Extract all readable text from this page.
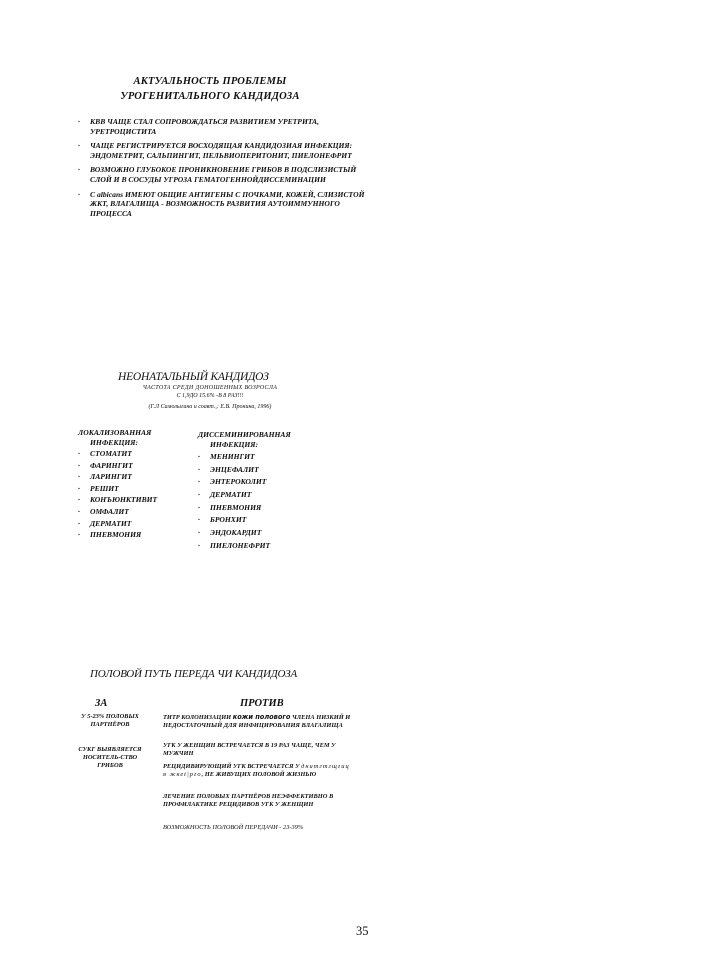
АКТУАЛЬНОСТЬ ПРОБЛЕМЫ
УРОГЕНИТАЛЬНОГО КАНДИДОЗА
· КВВ ЧАЩЕ СТАЛ СОПРОВОЖДАТЬСЯ РАЗВИТИЕМ УРЕТРИТА, УРЕТРОЦИСТИТА
· ЧАЩЕ РЕГИСТРИРУЕТСЯ ВОСХОДЯЩАЯ КАНДИДОЗИАЯ ИНФЕКЦИЯ: ЭНДОМЕТРИТ, САЛЬПИНГИТ, ПЕЛЬВИОПЕРИТОНИТ, ПИЕЛОНЕФРИТ
· ВОЗМОЖНО ГЛУБОКОЕ ПРОНИКНОВЕНИЕ ГРИБОВ В ПОДСЛИЗИСТЫЙ СЛОЙ И В СОСУДЫ УГРОЗА ГЕМАТОГЕННОЙДИССЕМИНАЦИИ
· С albicans ИМЕЮТ ОБЩИЕ АНТИГЕНЫ С ПОЧКАМИ, КОЖЕЙ, СЛИЗИСТОЙ ЖКТ, ВЛАГАЛИЩА - ВОЗМОЖНОСТЬ РАЗВИТИЯ АУТОИММУННОГО ПРОЦЕССА
НЕОНАТАЛЬНЫЙ КАНДИДОЗ
ЧАСТОТА СРЕДИ ДОНОШЕННЫХ ВОЗРОСЛА
С 1,9ДО 15.6% -В 8 РАЗ!!!
(Г.Л Самолыгина и соавт.,: Е.В. Пронина, 1996)
ЛОКАЛИЗОВАННАЯ
ИНФЕКЦИЯ:
· СТОМАТИТ
· ФАРИНГИТ
· ЛАРИНГИТ
· РЕШИТ
· КОНЪЮНКТИВИТ
· ОМФАЛИТ
· ДЕРМАТИТ
· ПНЕВМОНИЯ
ДИССЕМИНИРОВАННАЯ
ИНФЕКЦИЯ:
· МЕНИНГИТ
· ЭНЦЕФАЛИТ
· ЭНТЕРОКОЛИТ
· ДЕРМАТИТ
· ПНЕВМОНИЯ
· БРОНХИТ
· ЭНДОКАРДИТ
· ПИЕЛОНЕФРИТ
ПОЛОВОЙ ПУТЬ ПЕРЕДА ЧИ КАНДИДОЗА
ЗА	ПРОТИВ
У 5-23% ПОЛОВЫХ ПАРТНЁРОВ
СУКГ ВЫЯВЛЯЕТСЯ НОСИТЕЛЬ-СТВО ГРИБОВ
ТИТР КОЛОНИЗАЦИИ кожи полового ЧЛЕНА НИЗКИЙ И НЕДОСТАТОЧНЫЙ ДЛЯ ИНФИЦИРОВАНИЯ ВЛАГАЛИЩА
УГК У ЖЕНЩИН ВСТРЕЧАЕТСЯ В 19 РАЗ ЧАЩЕ, ЧЕМ У МУЖЧИН
РЕЦИДИВИРУЮЩИЙ УГК ВСТРЕЧАЕТСЯ У днитгтгщгиц я жкеt|рго, НЕ ЖИВУЩИХ ПОЛОВОЙ ЖИЗНЬЮ
ЛЕЧЕНИЕ ПОЛОВЫХ ПАРТНЁРОВ НЕЭФФЕКТИВНО В ПРОФИЛАКТИКЕ РЕЦИДИВОВ УГК У ЖЕНЩИН
ВОЗМОЖНОСТЬ ПОЛОВОЙ ПЕРЕДАЧИ - 23-39%
35
